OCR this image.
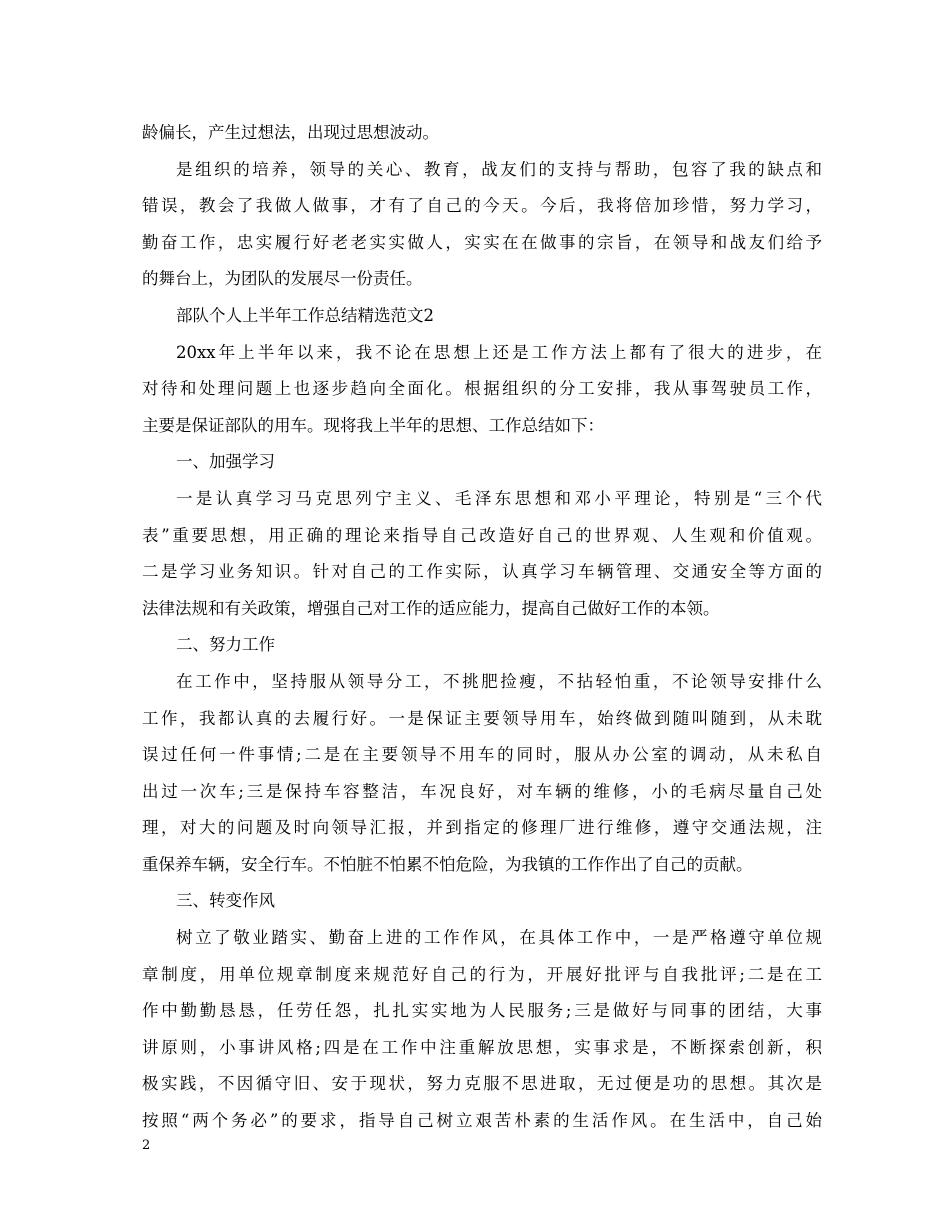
龄偏长，产生过想法，出现过思想波动。
是组织的培养，领导的关心、教育，战友们的支持与帮助，包容了我的缺点和
错误，教会了我做人做事，才有了自己的今天。今后，我将倍加珍惜，努力学习，
勤奋工作，忠实履行好老老实实做人，实实在在做事的宗旨，在领导和战友们给予
的舞台上，为团队的发展尽一份责任。
部队个人上半年工作总结精选范文2
20xx年上半年以来，我不论在思想上还是工作方法上都有了很大的进步，在
对待和处理问题上也逐步趋向全面化。根据组织的分工安排，我从事驾驶员工作，
主要是保证部队的用车。现将我上半年的思想、工作总结如下：
一、加强学习
一是认真学习马克思列宁主义、毛泽东思想和邓小平理论，特别是“三个代
表”重要思想，用正确的理论来指导自己改造好自己的世界观、人生观和价值观。
二是学习业务知识。针对自己的工作实际，认真学习车辆管理、交通安全等方面的
法律法规和有关政策，增强自己对工作的适应能力，提高自己做好工作的本领。
二、努力工作
在工作中，坚持服从领导分工，不挑肥捡瘦，不拈轻怕重，不论领导安排什么
工作，我都认真的去履行好。一是保证主要领导用车，始终做到随叫随到，从未耽
误过任何一件事情;二是在主要领导不用车的同时，服从办公室的调动，从未私自
出过一次车;三是保持车容整洁，车况良好，对车辆的维修，小的毛病尽量自己处
理，对大的问题及时向领导汇报，并到指定的修理厂进行维修，遵守交通法规，注
重保养车辆，安全行车。不怕脏不怕累不怕危险，为我镇的工作作出了自己的贡献。
三、转变作风
树立了敬业踏实、勤奋上进的工作作风，在具体工作中，一是严格遵守单位规
章制度，用单位规章制度来规范好自己的行为，开展好批评与自我批评;二是在工
作中勤勤恳恳，任劳任怨，扎扎实实地为人民服务;三是做好与同事的团结，大事
讲原则，小事讲风格;四是在工作中注重解放思想，实事求是，不断探索创新，积
极实践，不因循守旧、安于现状，努力克服不思进取，无过便是功的思想。其次是
按照“两个务必”的要求，指导自己树立艰苦朴素的生活作风。在生活中，自己始
2
